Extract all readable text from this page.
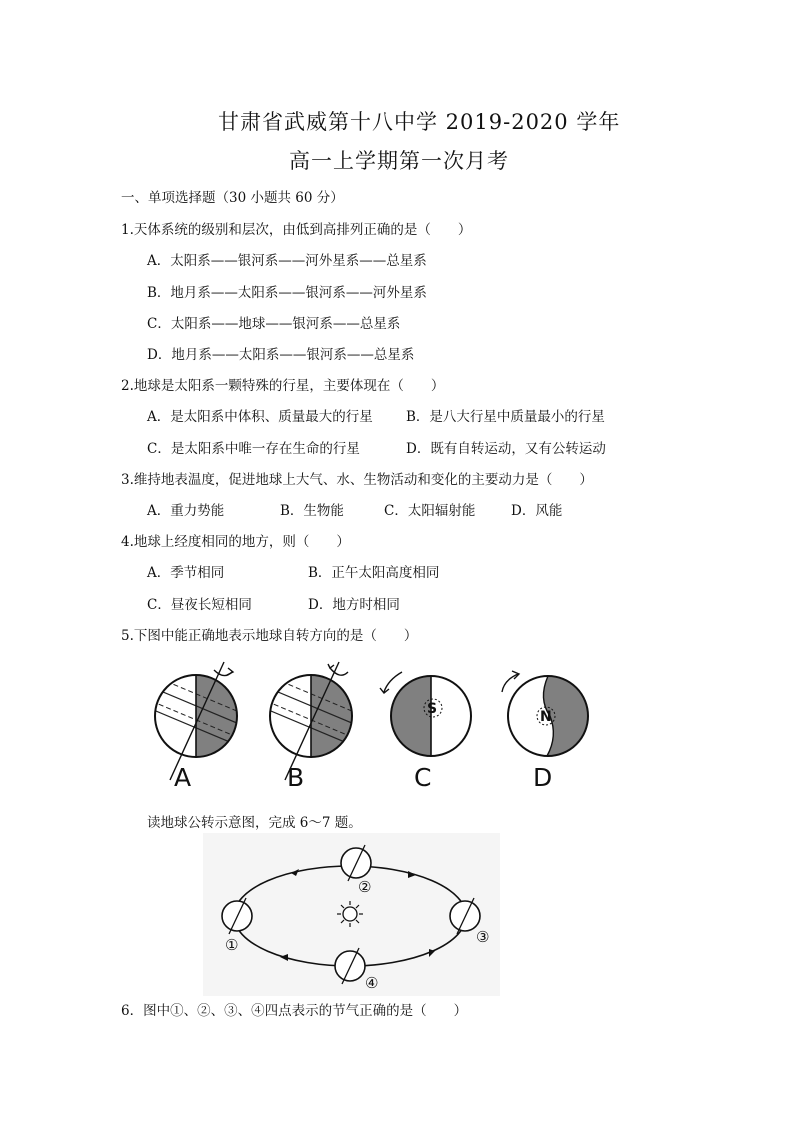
甘肃省武威第十八中学 2019-2020 学年
高一上学期第一次月考
一、单项选择题（30 小题共 60 分）
1.天体系统的级别和层次，由低到高排列正确的是（　　）
A．太阳系——银河系——河外星系——总星系
B．地月系——太阳系——银河系——河外星系
C．太阳系——地球——银河系——总星系
D．地月系——太阳系——银河系——总星系
2.地球是太阳系一颗特殊的行星，主要体现在（　　）
A．是太阳系中体积、质量最大的行星 B．是八大行星中质量最小的行星
C．是太阳系中唯一存在生命的行星	D．既有自转运动，又有公转运动
3.维持地表温度，促进地球上大气、水、生物活动和变化的主要动力是（　　）
A．重力势能	B．生物能	C．太阳辐射能	D．风能
4.地球上经度相同的地方，则（　　）
A．季节相同	B．正午太阳高度相同
C．昼夜长短相同	D．地方时相同
5.下图中能正确地表示地球自转方向的是（　　）
S	N
A	B	C	D
读地球公转示意图，完成 6～7 题。
①
②
③
④
6．图中①、②、③、④四点表示的节气正确的是（　　）
